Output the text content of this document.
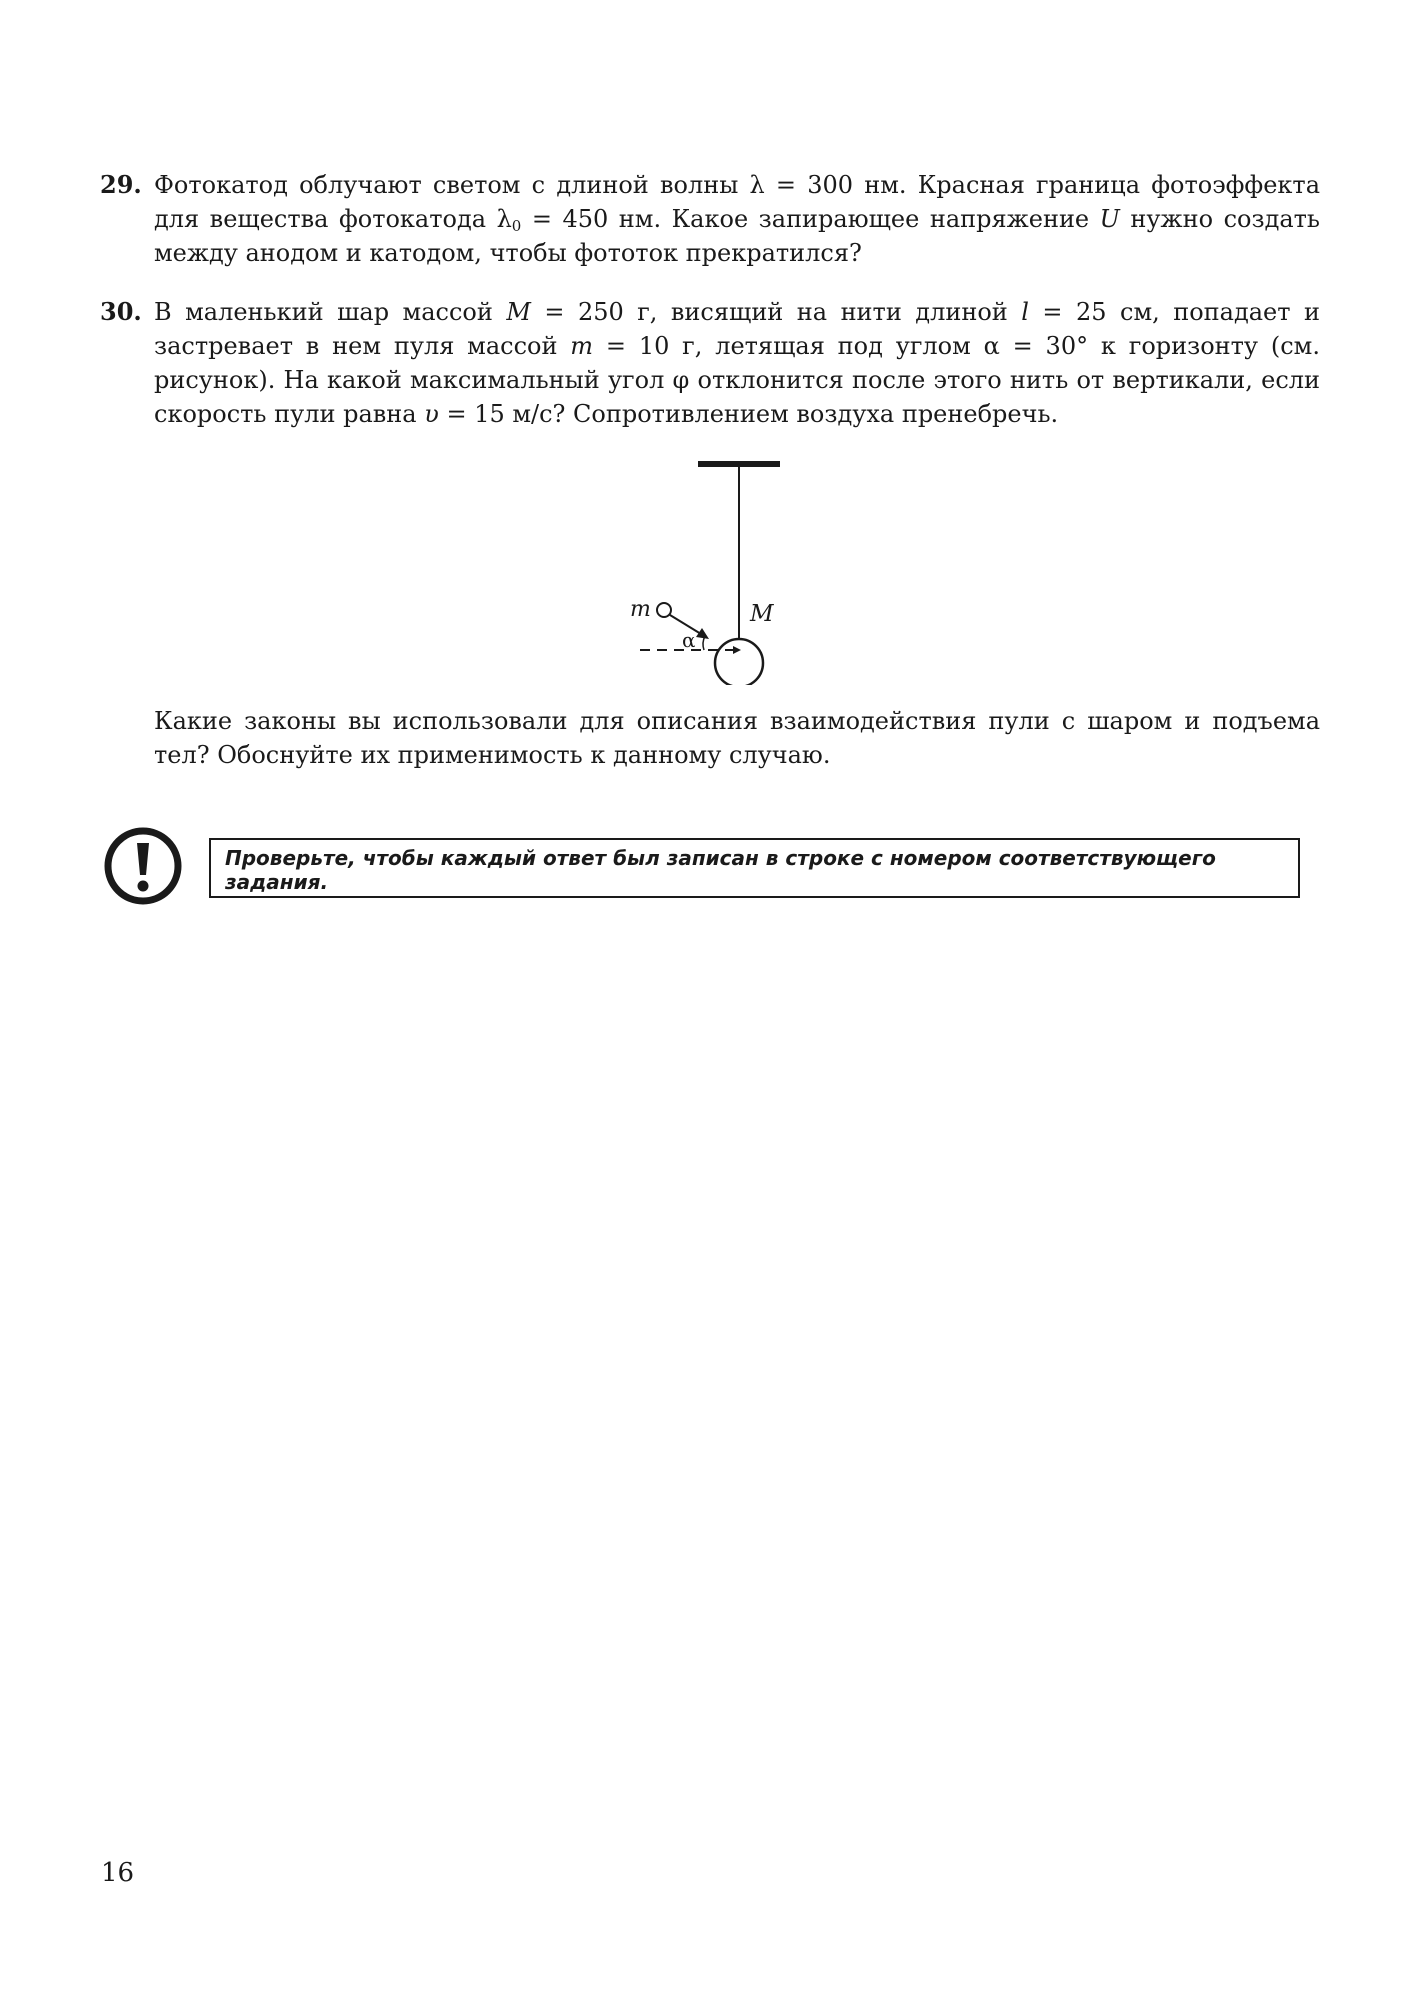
29. Фотокатод облучают светом с длиной волны λ = 300 нм. Красная граница фотоэффекта для вещества фотокатода $\lambda_0 = 450$ нм. Какое запирающее напряжение U нужно создать между анодом и катодом, чтобы фототок прекратился?
30. В маленький шар массой M = 250 г, висящий на нити длиной l = 25 см, попадает и застревает в нем пуля массой m = 10 г, летящая под углом α = 30° к горизонту (см. рисунок). На какой максимальный угол φ отклонится после этого нить от вертикали, если скорость пули равна υ = 15 м/с? Сопротивлением воздуха пренебречь.
m	M
α
Какие законы вы использовали для описания взаимодействия пули с шаром и подъема тел? Обоснуйте их применимость к данному случаю.
Проверьте, чтобы каждый ответ был записан в строке с номером соответствующего задания.
16
